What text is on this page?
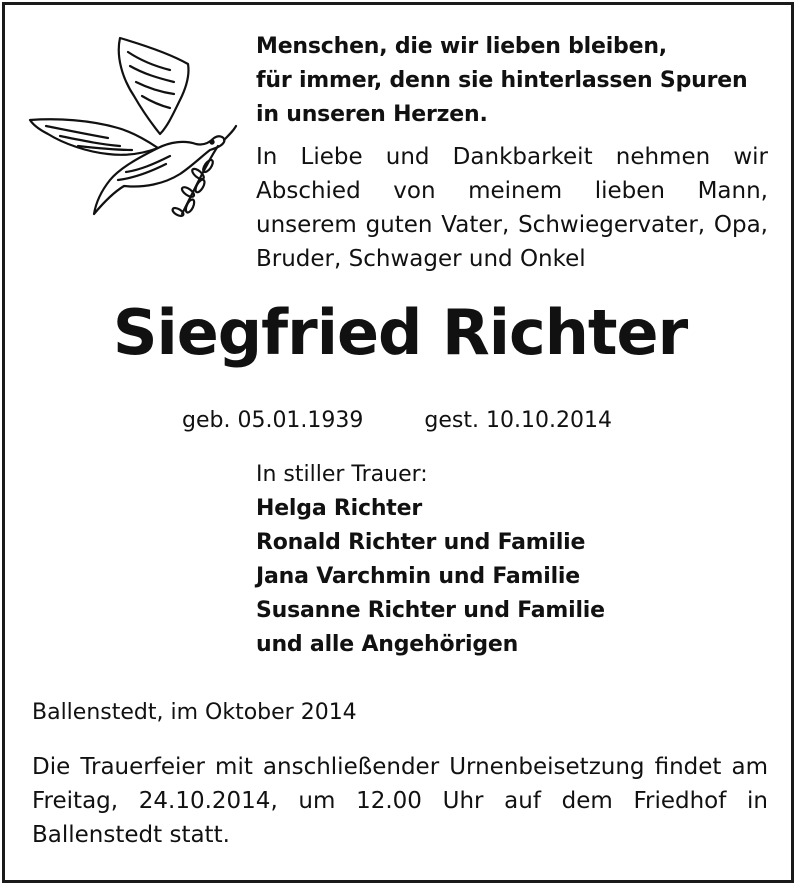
Menschen, die wir lieben bleiben,
für immer, denn sie hinterlassen Spuren
in unseren Herzen.
In Liebe und Dankbarkeit nehmen wir Abschied von meinem lieben Mann, unserem guten Vater, Schwiegervater, Opa, Bruder, Schwager und Onkel
Siegfried Richter
geb. 05.01.1939	gest. 10.10.2014
In stiller Trauer:
Helga Richter
Ronald Richter und Familie
Jana Varchmin und Familie
Susanne Richter und Familie
und alle Angehörigen
Ballenstedt, im Oktober 2014
Die Trauerfeier mit anschließender Urnenbeisetzung findet am Freitag, 24.10.2014, um 12.00 Uhr auf dem Friedhof in Ballenstedt statt.
